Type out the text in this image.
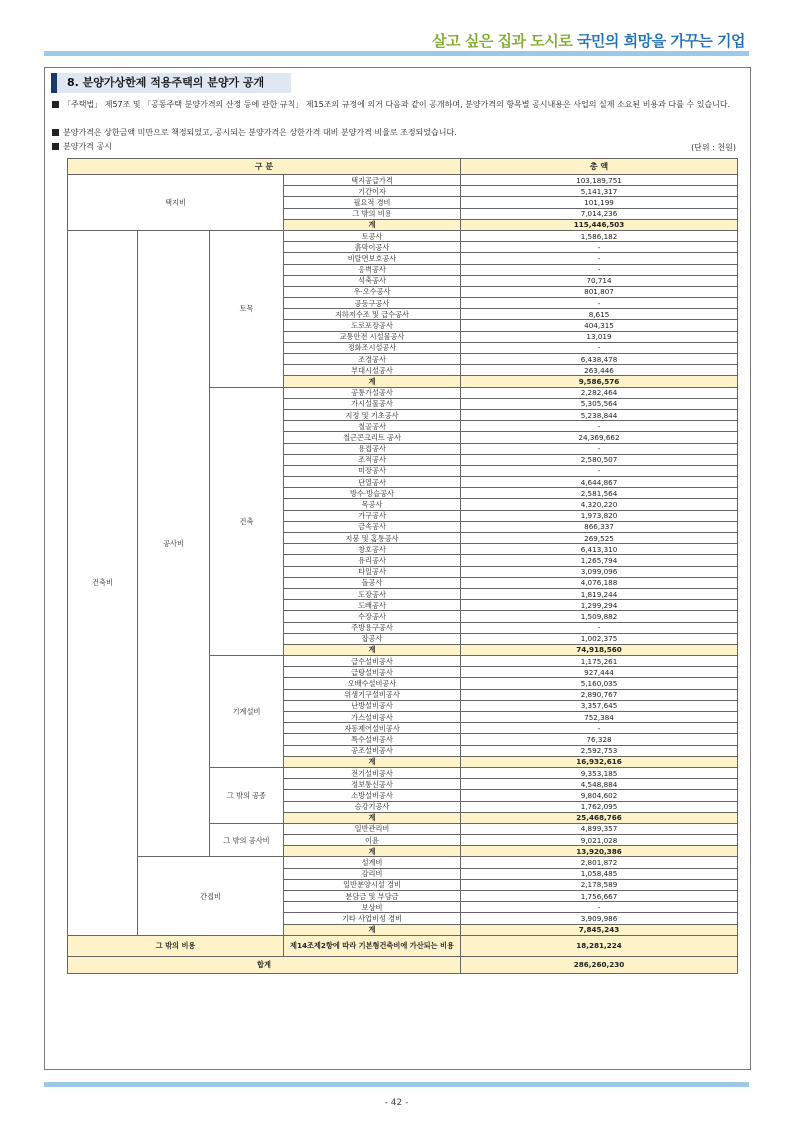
살고 싶은 집과 도시로 국민의 희망을 가꾸는 기업
8. 분양가상한제 적용주택의 분양가 공개
「주택법」 제57조 및 「공동주택 분양가격의 산정 등에 관한 규칙」 제15조의 규정에 의거 다음과 같이 공개하며, 분양가격의 항목별 공시내용은 사업의 실제 소요된 비용과 다를 수 있습니다.
분양가격은 상한금액 미만으로 책정되었고, 공시되는 분양가격은 상한가격 대비 분양가격 비율로 조정되었습니다.
분양가격 공시	(단위 : 천원)
구 분				총 액
택지비			택지공급가격	103,189,751
			기간이자	5,141,317
			필요적 경비	101,199
			그 밖의 비용	7,014,236
			계	115,446,503
건축비	공사비	토목	토공사	1,586,182
			흙막이공사	-
			비탈면보호공사	-
			옹벽공사	-
			석축공사	70,714
			우·오수공사	801,807
			공동구공사	-
			지하저수조 및 급수공사	8,615
			도로포장공사	404,315
			교통안전 시설물공사	13,019
			정화조시설공사	-
			조경공사	6,438,478
			부대시설공사	263,446
			계	9,586,576
		건축	공통가설공사	2,282,464
			가시설물공사	5,305,564
			지정 및 기초공사	5,238,844
			철골공사	-
			철근콘크리트 공사	24,369,662
			용접공사	-
			조적공사	2,580,507
			미장공사	-
			단열공사	4,644,867
			방수·방습공사	2,581,564
			목공사	4,320,220
			가구공사	1,973,820
			금속공사	866,337
			지붕 및 홈통공사	269,525
			창호공사	6,413,310
			유리공사	1,265,794
			타일공사	3,099,096
			돌공사	4,076,188
			도장공사	1,819,244
			도배공사	1,299,294
			수장공사	1,509,882
			주방용구공사	-
			잡공사	1,002,375
			계	74,918,560
		기계설비	급수설비공사	1,175,261
			급탕설비공사	927,444
			오배수설비공사	5,160,035
			위생기구설비공사	2,890,767
			난방설비공사	3,357,645
			가스설비공사	752,384
			자동제어설비공사	-
			특수설비공사	76,328
			공조설비공사	2,592,753
			계	16,932,616
		그 밖의 공종	전기설비공사	9,353,185
			정보통신공사	4,548,884
			소방설비공사	9,804,602
			승강기공사	1,762,095
			계	25,468,766
		그 밖의 공사비	일반관리비	4,899,357
			이윤	9,021,028
			계	13,920,386
	간접비		설계비	2,801,872
			감리비	1,058,485
			일반분양시설 경비	2,178,589
			분담금 및 부담금	1,756,667
			보상비	-
			기타 사업비성 경비	3,909,986
			계	7,845,243
그 밖의 비용			제14조제2항에 따라 기본형건축비에 가산되는 비용	18,281,224
합계				286,260,230
- 42 -
